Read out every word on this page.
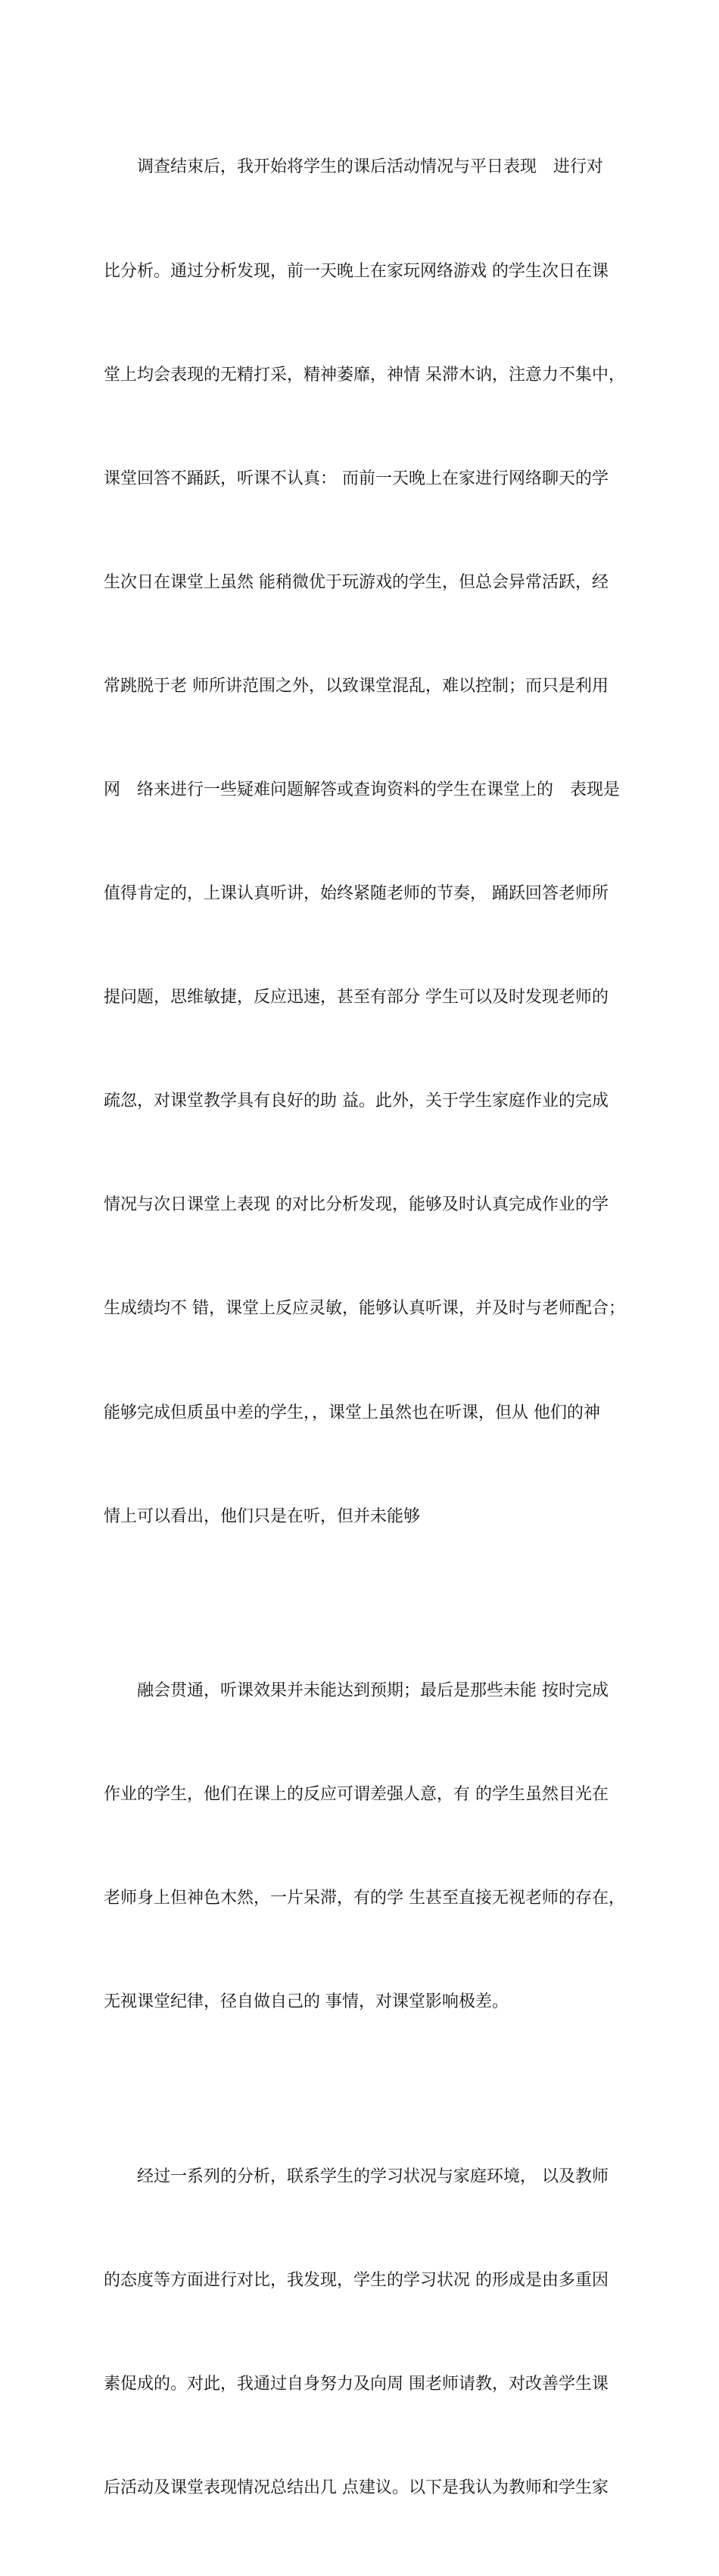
　　调查结束后，我开始将学生的课后活动情况与平日表现　进行对

比分析。通过分析发现，前一天晚上在家玩网络游戏 的学生次日在课

堂上均会表现的无精打采，精神萎靡，神情 呆滞木讷，注意力不集中，

课堂回答不踊跃，听课不认真： 而前一天晚上在家进行网络聊天的学

生次日在课堂上虽然 能稍微优于玩游戏的学生，但总会异常活跃，经

常跳脱于老 师所讲范围之外，以致课堂混乱，难以控制；而只是利用

网　络来进行一些疑难问题解答或查询资料的学生在课堂上的　表现是

值得肯定的，上课认真听讲，始终紧随老师的节奏， 踊跃回答老师所

提问题，思维敏捷，反应迅速，甚至有部分 学生可以及时发现老师的

疏忽，对课堂教学具有良好的助 益。此外，关于学生家庭作业的完成

情况与次日课堂上表现 的对比分析发现，能够及时认真完成作业的学

生成绩均不 错，课堂上反应灵敏，能够认真听课，并及时与老师配合；

能够完成但质虽中差的学生，，课堂上虽然也在听课，但从 他们的神

情上可以看出，他们只是在听，但并未能够

　　融会贯通，听课效果并未能达到预期；最后是那些未能 按时完成

作业的学生，他们在课上的反应可谓差强人意，有 的学生虽然目光在

老师身上但神色木然，一片呆滞，有的学 生甚至直接无视老师的存在，

无视课堂纪律，径自做自己的 事情，对课堂影响极差。

　　经过一系列的分析，联系学生的学习状况与家庭环境， 以及教师

的态度等方面进行对比，我发现，学生的学习状况 的形成是由多重因

素促成的。对此，我通过自身努力及向周 围老师请教，对改善学生课

后活动及课堂表现情况总结出几 点建议。以下是我认为教师和学生家
